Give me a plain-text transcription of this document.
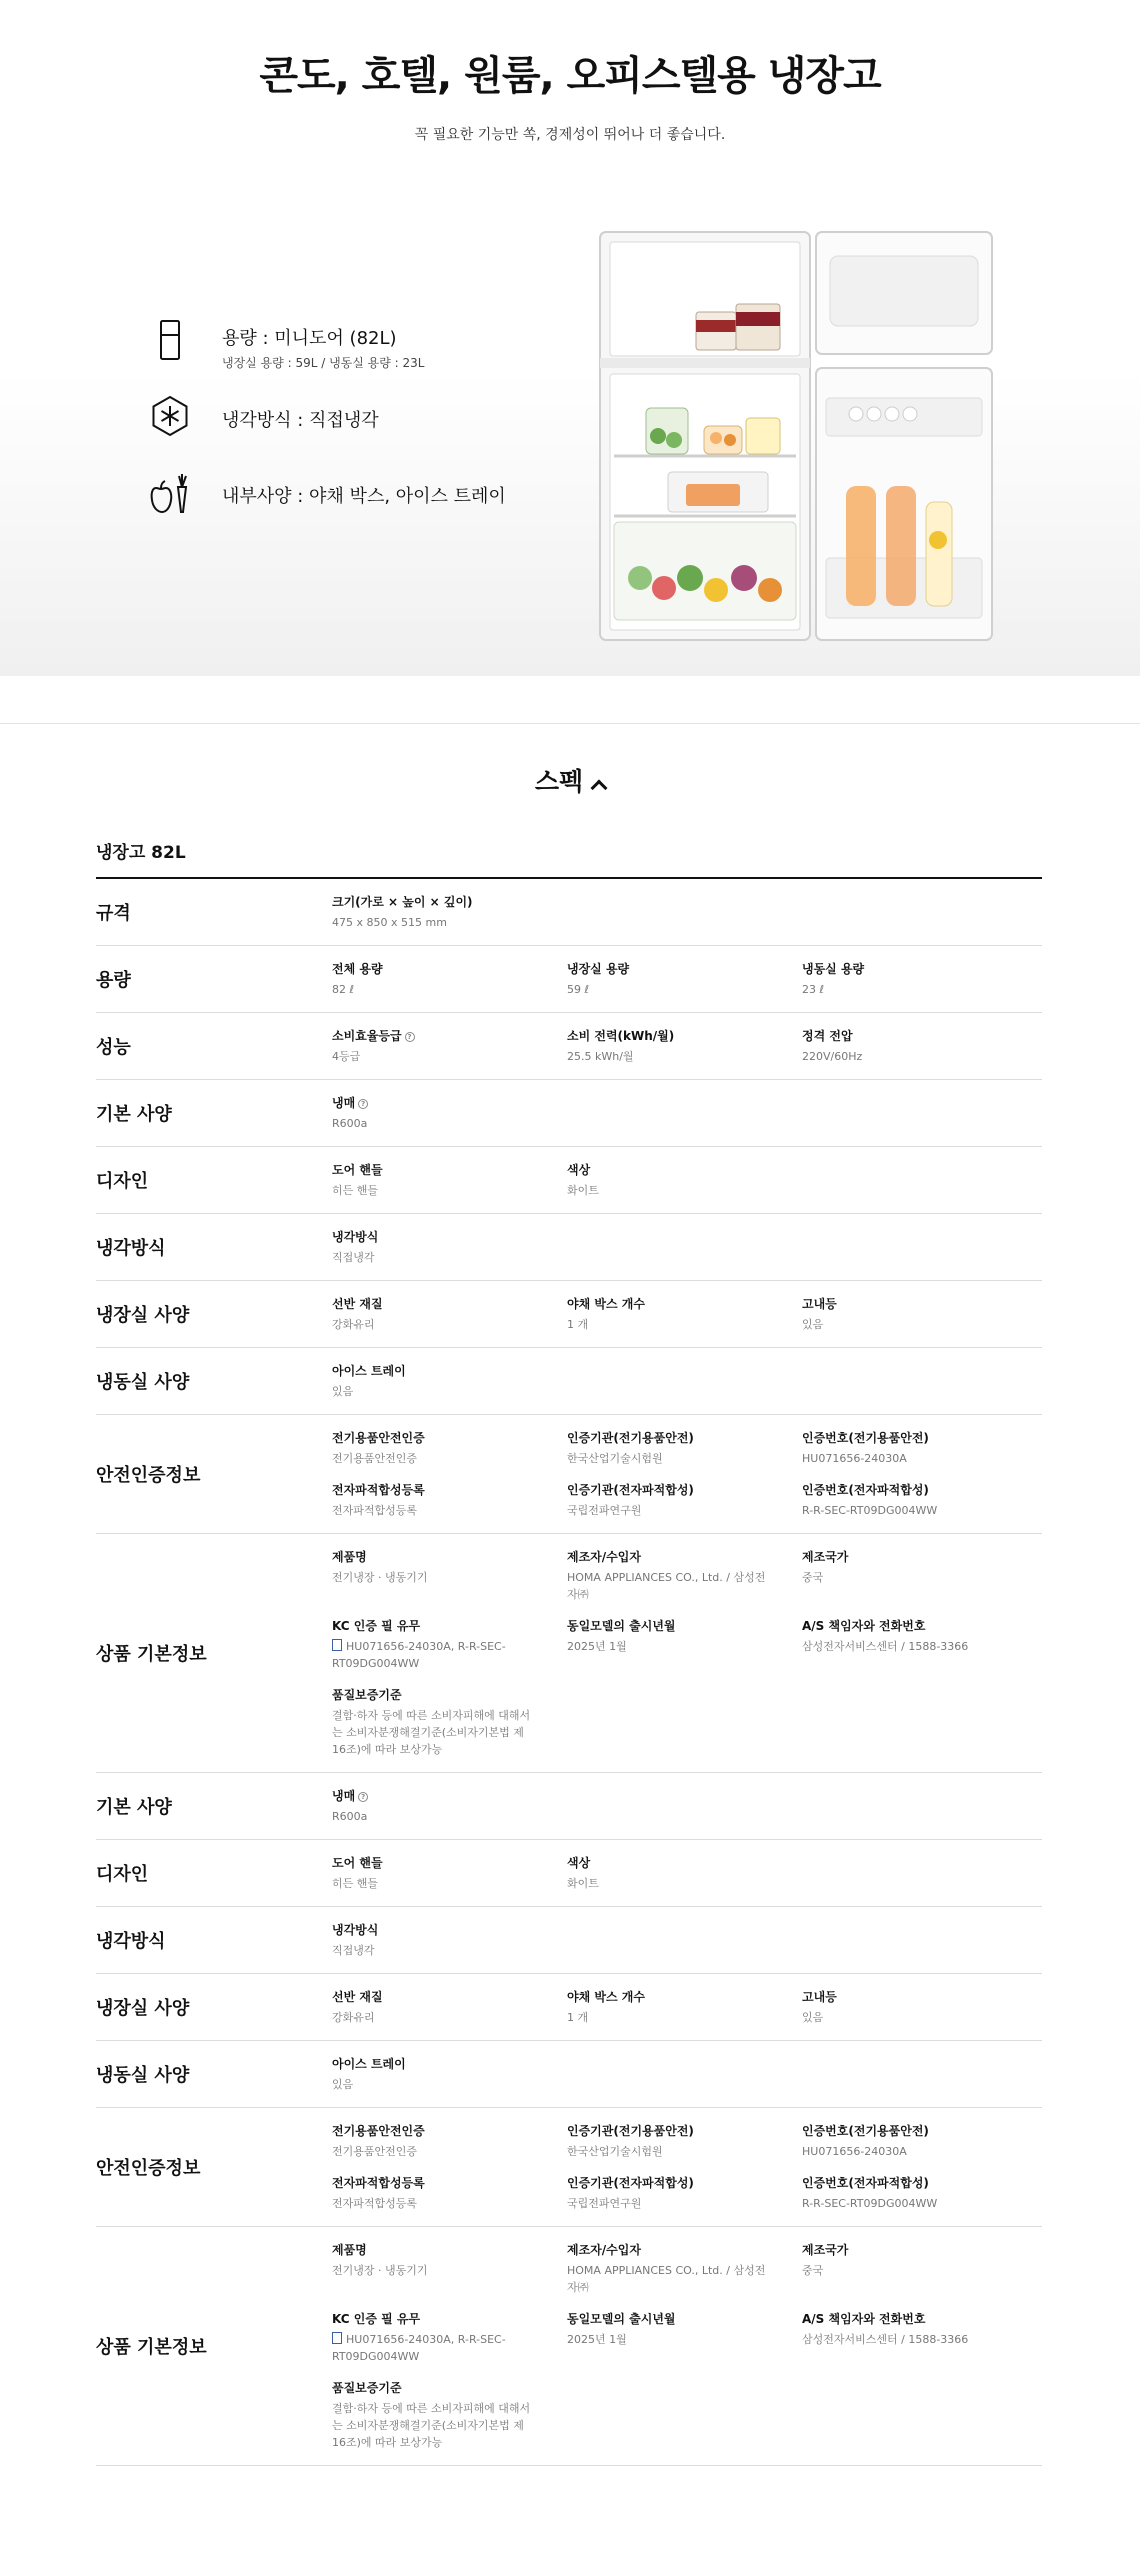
콘도, 호텔, 원룸, 오피스텔용 냉장고

꼭 필요한 기능만 쏙, 경제성이 뛰어나 더 좋습니다.

용량 : 미니도어 (82L)
냉장실 용량 : 59L / 냉동실 용량 : 23L
냉각방식 : 직접냉각
내부사양 : 야채 박스, 아이스 트레이
스펙
냉장고 82L
규격
크기(가로 × 높이 × 깊이)
475 x 850 x 515 mm
용량
전체 용량
82 ℓ
냉장실 용량
59 ℓ
냉동실 용량
23 ℓ
성능
소비효율등급 ?
4등급
소비 전력(kWh/월)
25.5 kWh/월
정격 전압
220V/60Hz
기본 사양
냉매 ?
R600a
디자인
도어 핸들
히든 핸들
색상
화이트
냉각방식
냉각방식
직접냉각
냉장실 사양
선반 재질
강화유리
야채 박스 개수
1 개
고내등
있음
냉동실 사양
아이스 트레이
있음
안전인증정보
전기용품안전인증
전기용품안전인증
인증기관(전기용품안전)
한국산업기술시험원
인증번호(전기용품안전)
HU071656-24030A
전자파적합성등록
전자파적합성등록
인증기관(전자파적합성)
국립전파연구원
인증번호(전자파적합성)
R-R-SEC-RT09DG004WW
상품 기본정보
제품명
전기냉장 · 냉동기기
제조자/수입자
HOMA APPLIANCES CO., Ltd. / 삼성전자㈜
제조국가
중국
KC 인증 필 유무
HU071656-24030A, R-R-SEC-RT09DG004WW
동일모델의 출시년월
2025년 1월
A/S 책임자와 전화번호
삼성전자서비스센터 / 1588-3366
품질보증기준
결함·하자 등에 따른 소비자피해에 대해서는 소비자분쟁해결기준(소비자기본법 제16조)에 따라 보상가능
기본 사양
냉매 ?
R600a
디자인
도어 핸들
히든 핸들
색상
화이트
냉각방식
냉각방식
직접냉각
냉장실 사양
선반 재질
강화유리
야채 박스 개수
1 개
고내등
있음
냉동실 사양
아이스 트레이
있음
안전인증정보
전기용품안전인증
전기용품안전인증
인증기관(전기용품안전)
한국산업기술시험원
인증번호(전기용품안전)
HU071656-24030A
전자파적합성등록
전자파적합성등록
인증기관(전자파적합성)
국립전파연구원
인증번호(전자파적합성)
R-R-SEC-RT09DG004WW
상품 기본정보
제품명
전기냉장 · 냉동기기
제조자/수입자
HOMA APPLIANCES CO., Ltd. / 삼성전자㈜
제조국가
중국
KC 인증 필 유무
HU071656-24030A, R-R-SEC-RT09DG004WW
동일모델의 출시년월
2025년 1월
A/S 책임자와 전화번호
삼성전자서비스센터 / 1588-3366
품질보증기준
결함·하자 등에 따른 소비자피해에 대해서는 소비자분쟁해결기준(소비자기본법 제16조)에 따라 보상가능
